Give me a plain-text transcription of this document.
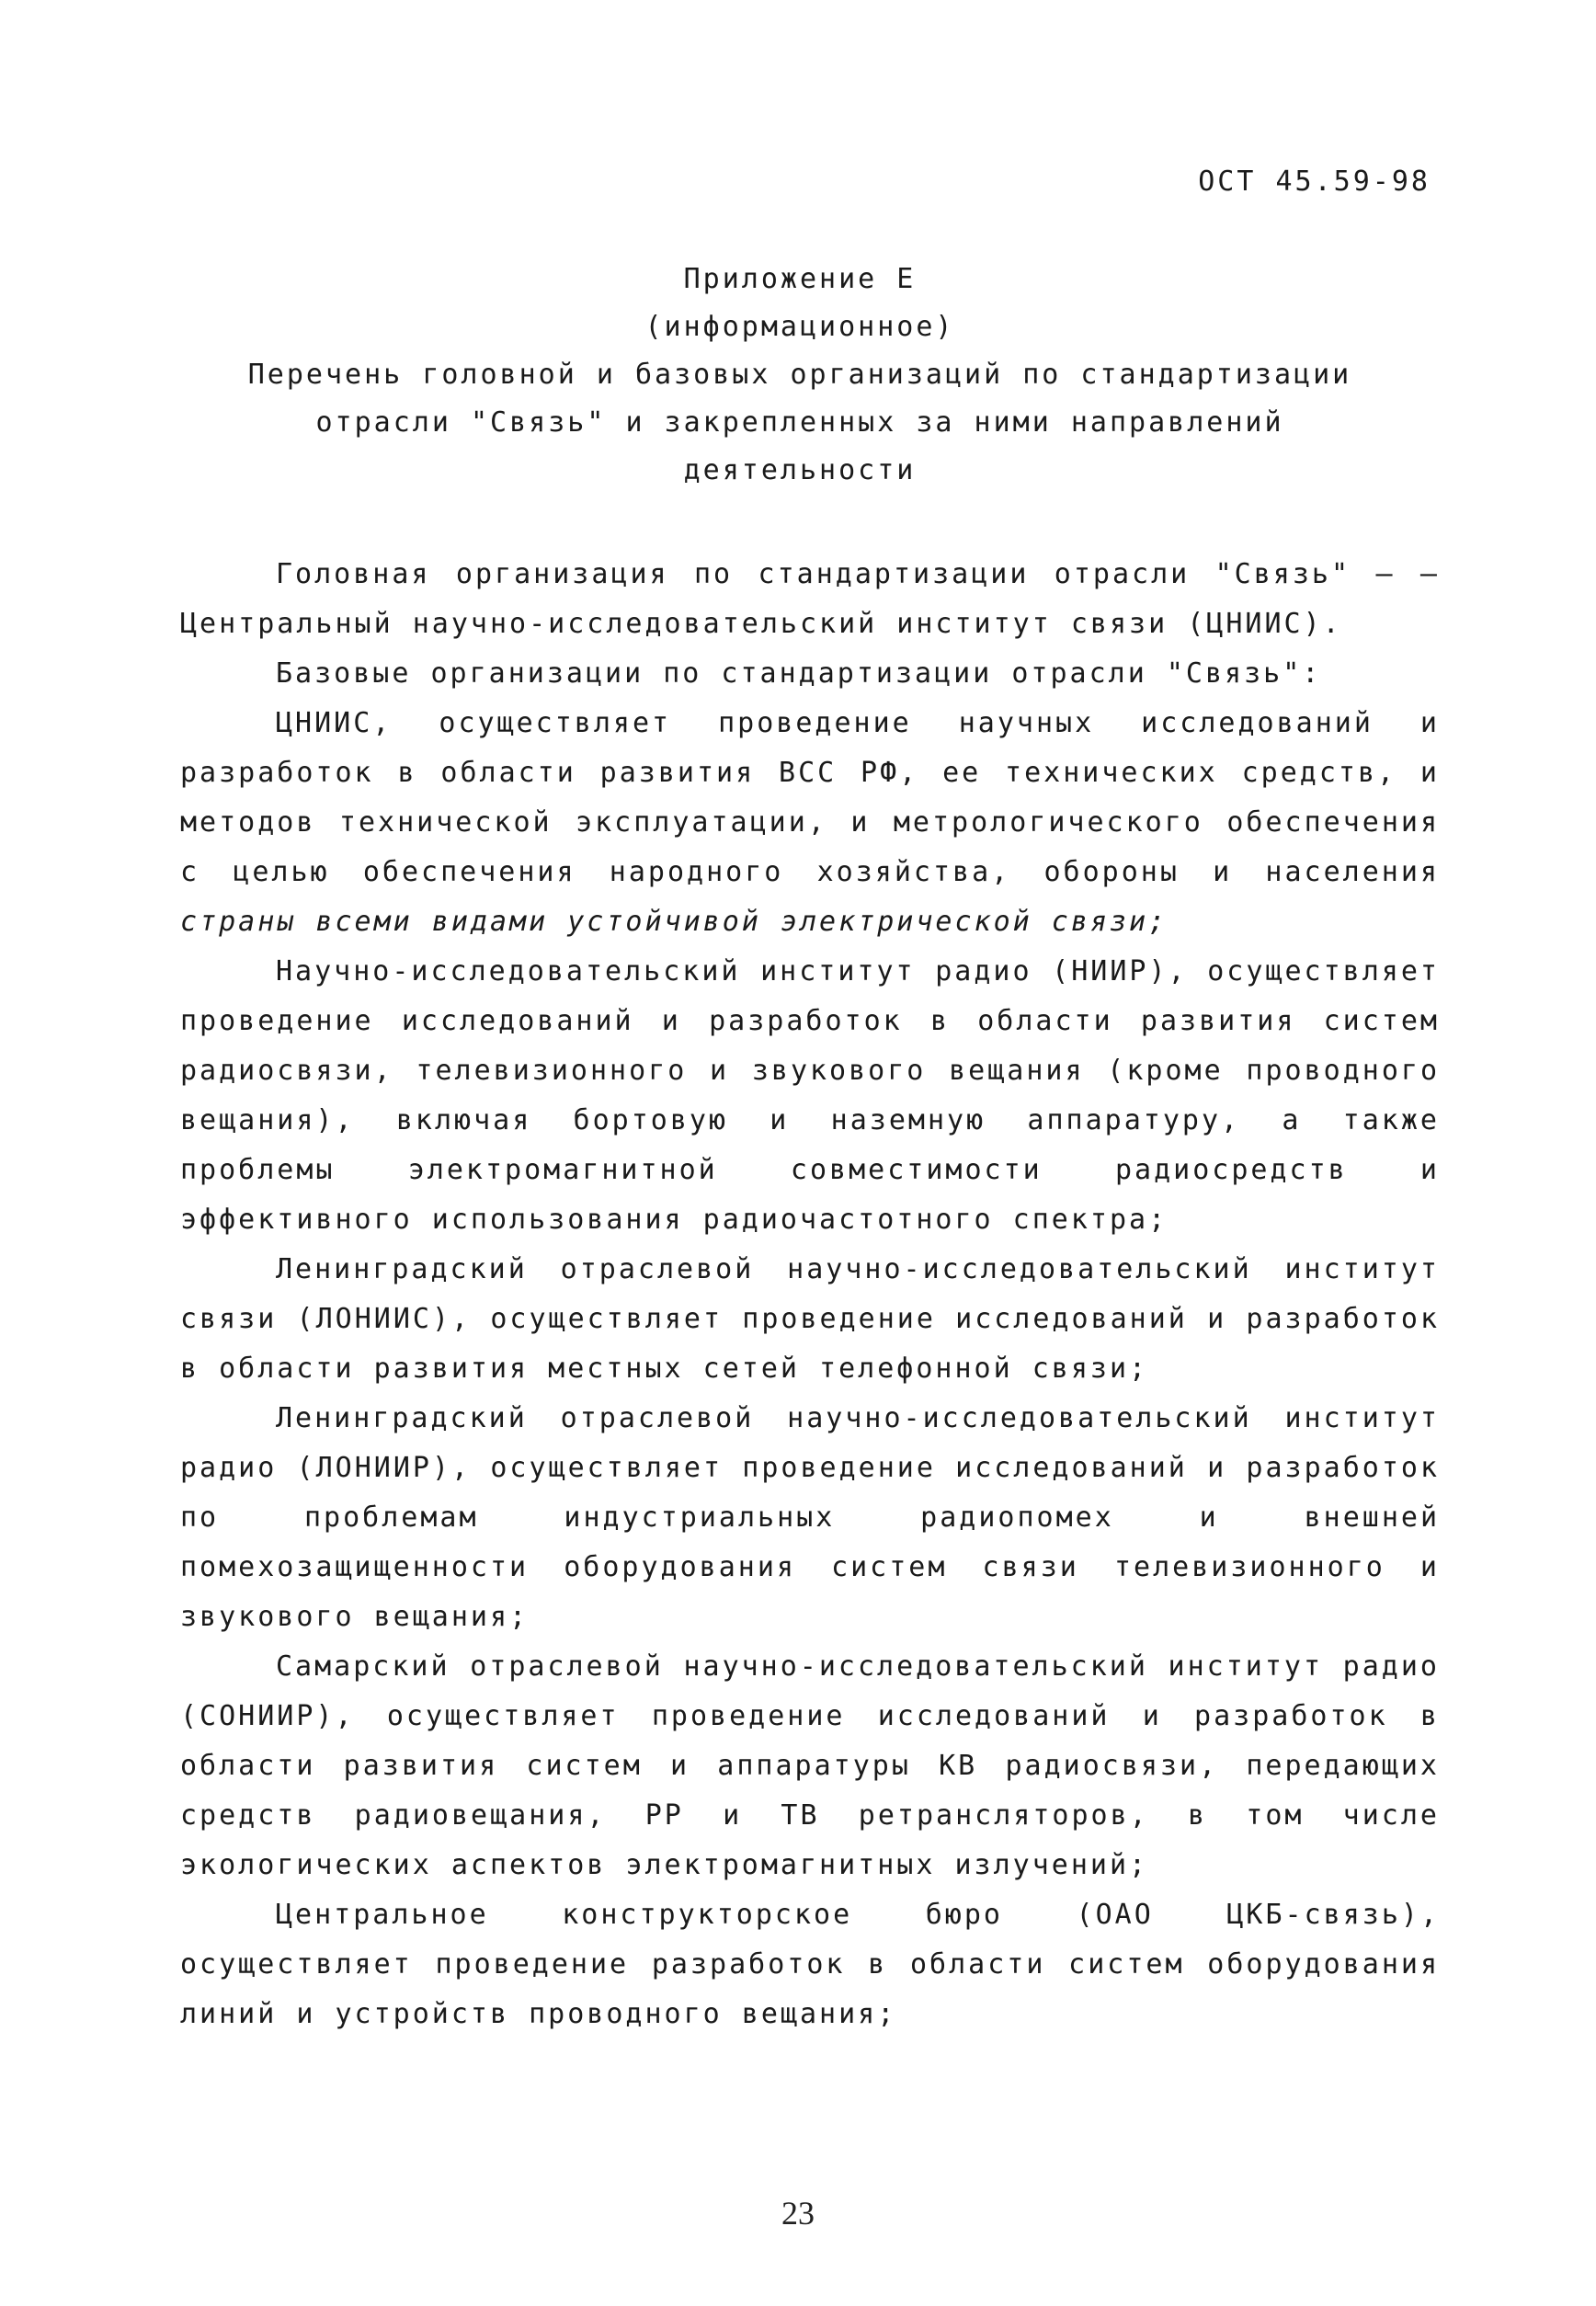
ОСТ 45.59-98

Приложение Е

(информационное)

Перечень головной и базовых организаций по стандартизации

отрасли "Связь" и закрепленных за ними направлений

деятельности

Головная организация по стандартизации отрасли "Связь" – – Центральный научно-исследовательский институт связи (ЦНИИС).

Базовые организации по стандартизации отрасли "Связь":

ЦНИИС, осуществляет проведение научных исследований и разработок в области развития ВСС РФ, ее технических средств, и методов технической эксплуатации, и метрологического обеспечения с целью обеспечения народного хозяйства, обороны и населения страны всеми видами устойчивой электрической связи;

Научно-исследовательский институт радио (НИИР), осуществляет проведение исследований и разработок в области развития систем радиосвязи, телевизионного и звукового вещания (кроме проводного вещания), включая бортовую и наземную аппаратуру, а также проблемы электромагнитной совместимости радиосредств и эффективного использования радиочастотного спектра;

Ленинградский отраслевой научно-исследовательский институт связи (ЛОНИИС), осуществляет проведение исследований и разработок в области развития местных сетей телефонной связи;

Ленинградский отраслевой научно-исследовательский институт радио (ЛОНИИР), осуществляет проведение исследований и разработок по проблемам индустриальных радиопомех и внешней помехозащищенности оборудования систем связи телевизионного и звукового вещания;

Самарский отраслевой научно-исследовательский институт радио (СОНИИР), осуществляет проведение исследований и разработок в области развития систем и аппаратуры КВ радиосвязи, передающих средств радиовещания, РР и ТВ ретрансляторов, в том числе экологических аспектов электромагнитных излучений;

Центральное конструкторское бюро (ОАО ЦКБ-связь), осуществляет проведение разработок в области систем оборудования линий и устройств проводного вещания;

23
